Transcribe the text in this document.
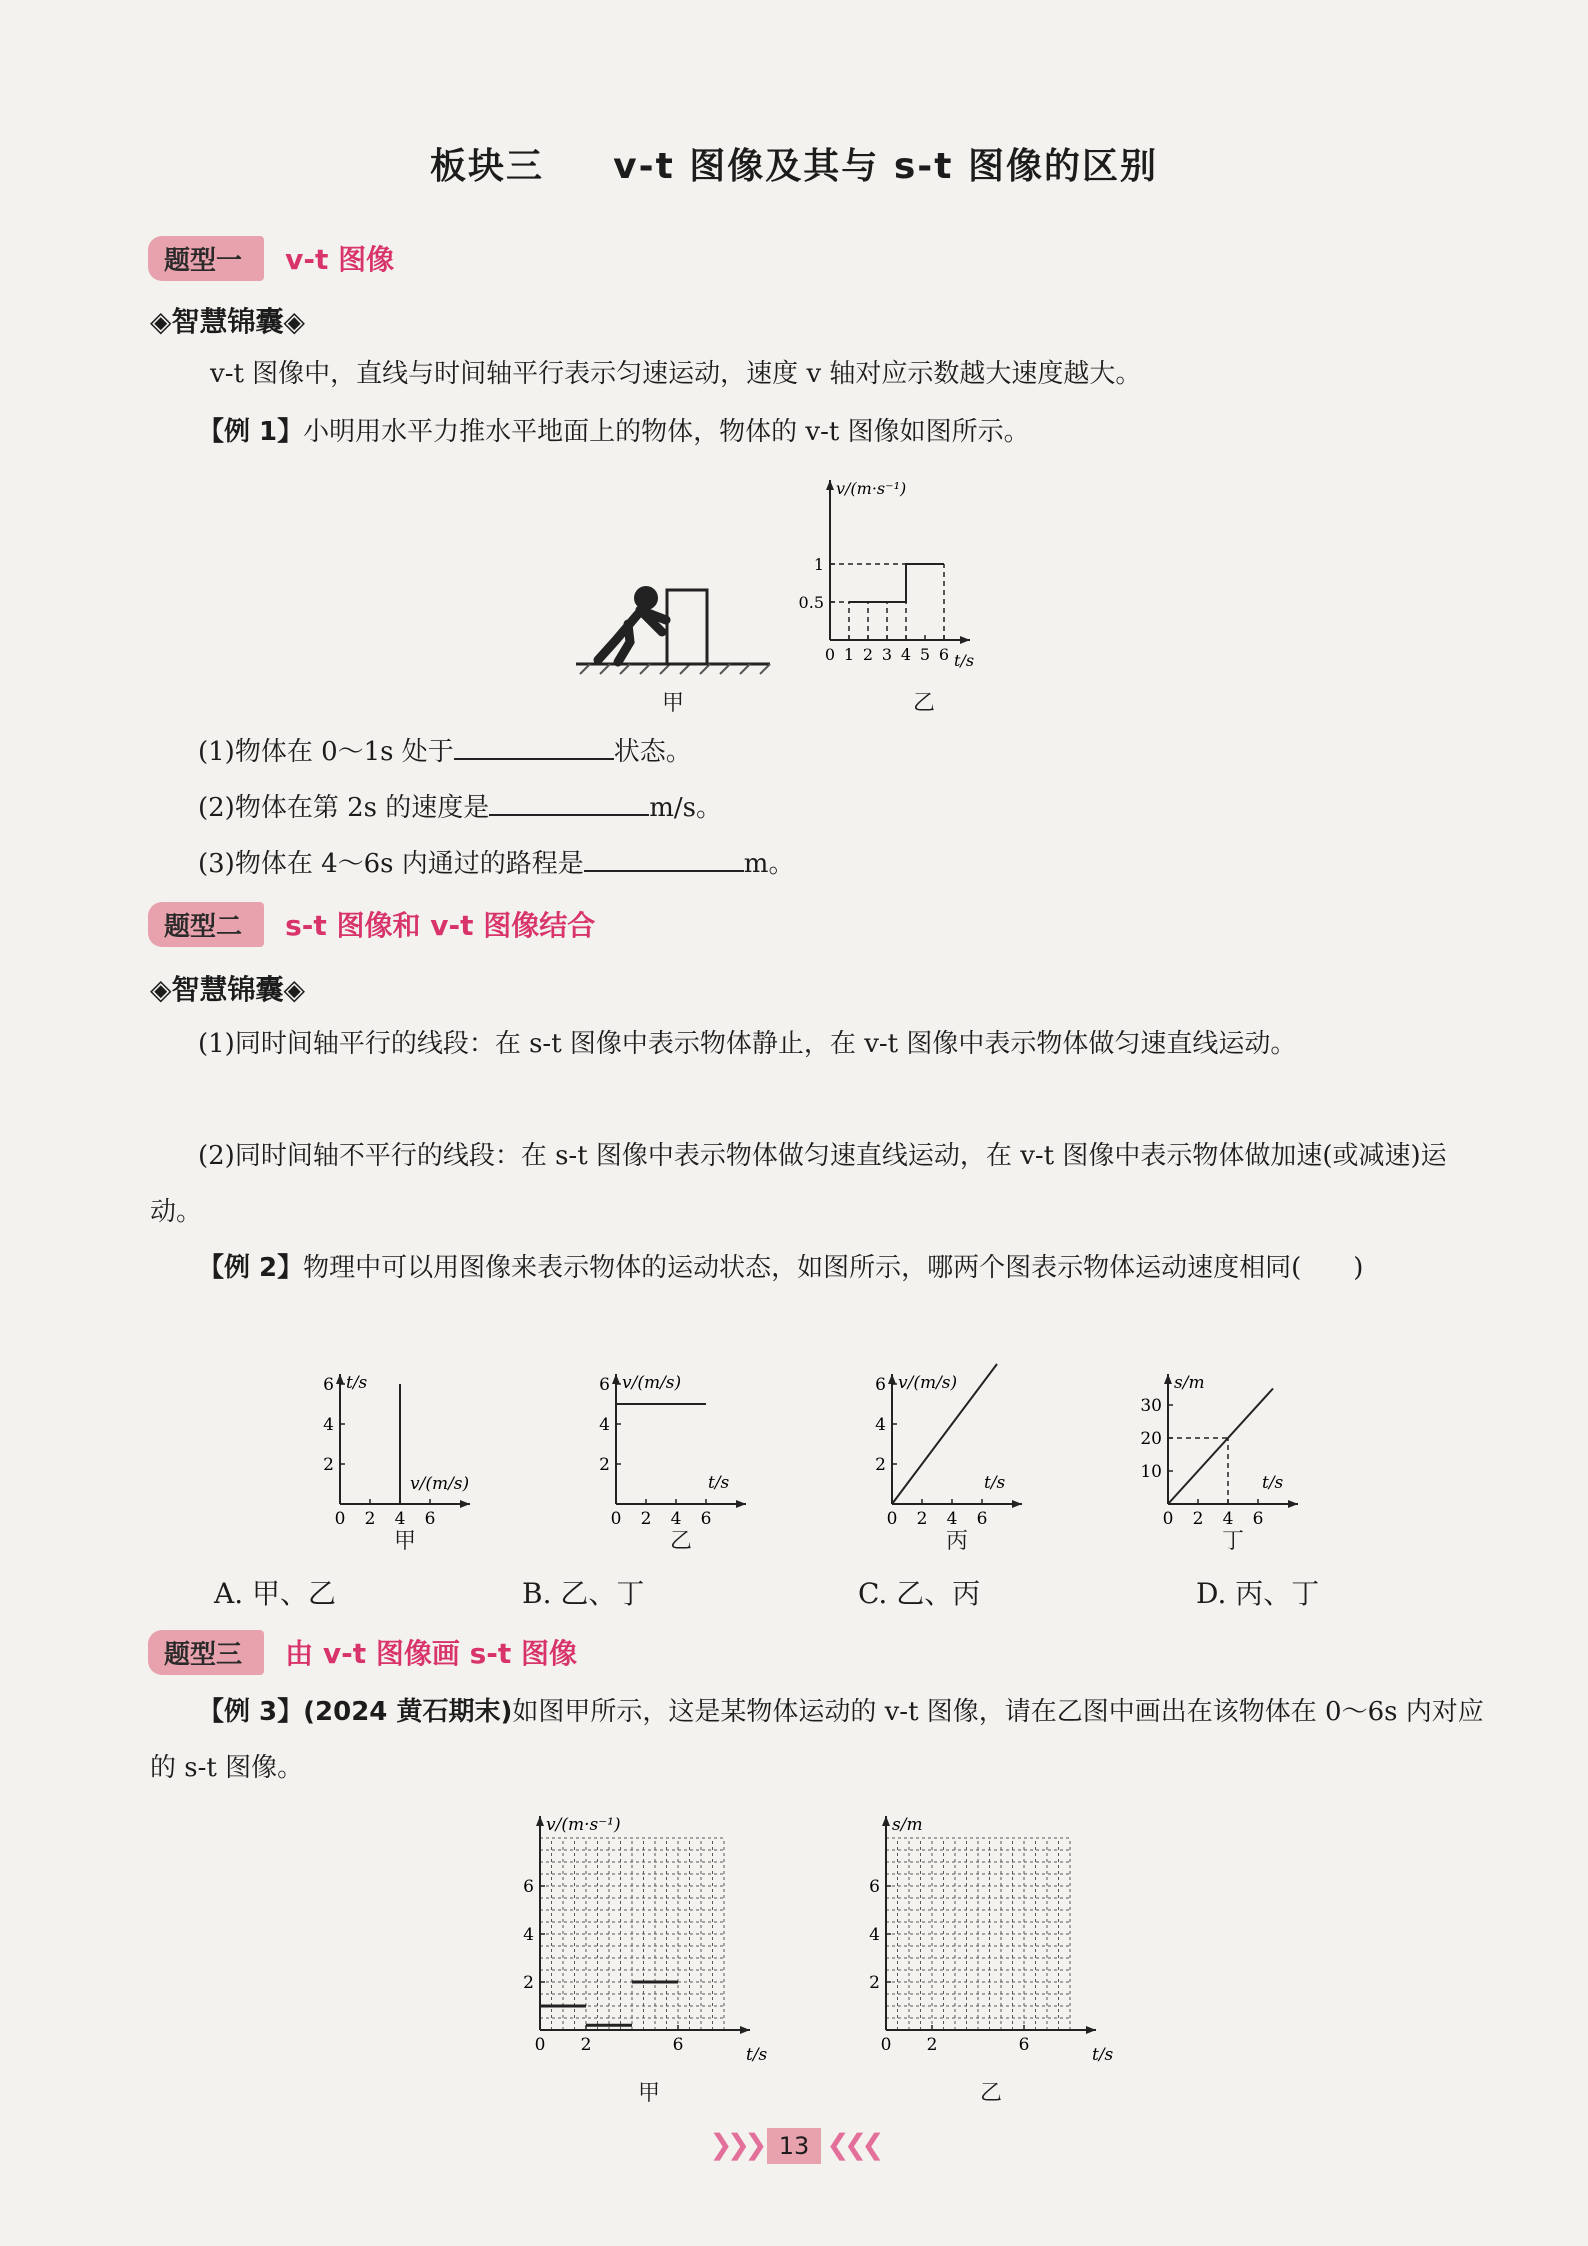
板块三 v-t 图像及其与 s-t 图像的区别
题型一 v-t 图像
◈智慧锦囊◈
v-t 图像中，直线与时间轴平行表示匀速运动，速度 v 轴对应示数越大速度越大。
【例 1】小明用水平力推水平地面上的物体，物体的 v-t 图像如图所示。
甲
0 1 2 3 4 5 6
0.5
1
t/s
v/(m·s⁻¹)
乙
(1)物体在 0～1s 处于	状态。
(2)物体在第 2s 的速度是	m/s。
(3)物体在 4～6s 内通过的路程是	m。
题型二 s-t 图像和 v-t 图像结合
◈智慧锦囊◈
(1)同时间轴平行的线段：在 s-t 图像中表示物体静止，在 v-t 图像中表示物体做匀速直线运动。
(2)同时间轴不平行的线段：在 s-t 图像中表示物体做匀速直线运动，在 v-t 图像中表示物体做加速(或减速)运动。
【例 2】物理中可以用图像来表示物体的运动状态，如图所示，哪两个图表示物体运动速度相同(　　)
0 2 4 6
2
4
6
v/(m/s)
t/s
0 2 4 6
2
4
6
t/s
v/(m/s)
0 2 4 6
2
4
6
t/s
v/(m/s)
0 2 4 6
10
20
30
t/s
s/m
甲	乙	丙	丁
A. 甲、乙	B. 乙、丁	C. 乙、丙	D. 丙、丁
题型三 由 v-t 图像画 s-t 图像
【例 3】(2024 黄石期末)如图甲所示，这是某物体运动的 v-t 图像，请在乙图中画出在该物体在 0～6s 内对应的 s-t 图像。
0 2	6
2
4
6
t/s
v/(m·s⁻¹)
0 2	6
2
4
6
t/s
s/m
甲	乙
❯❯❯ 13 ❮❮❮
